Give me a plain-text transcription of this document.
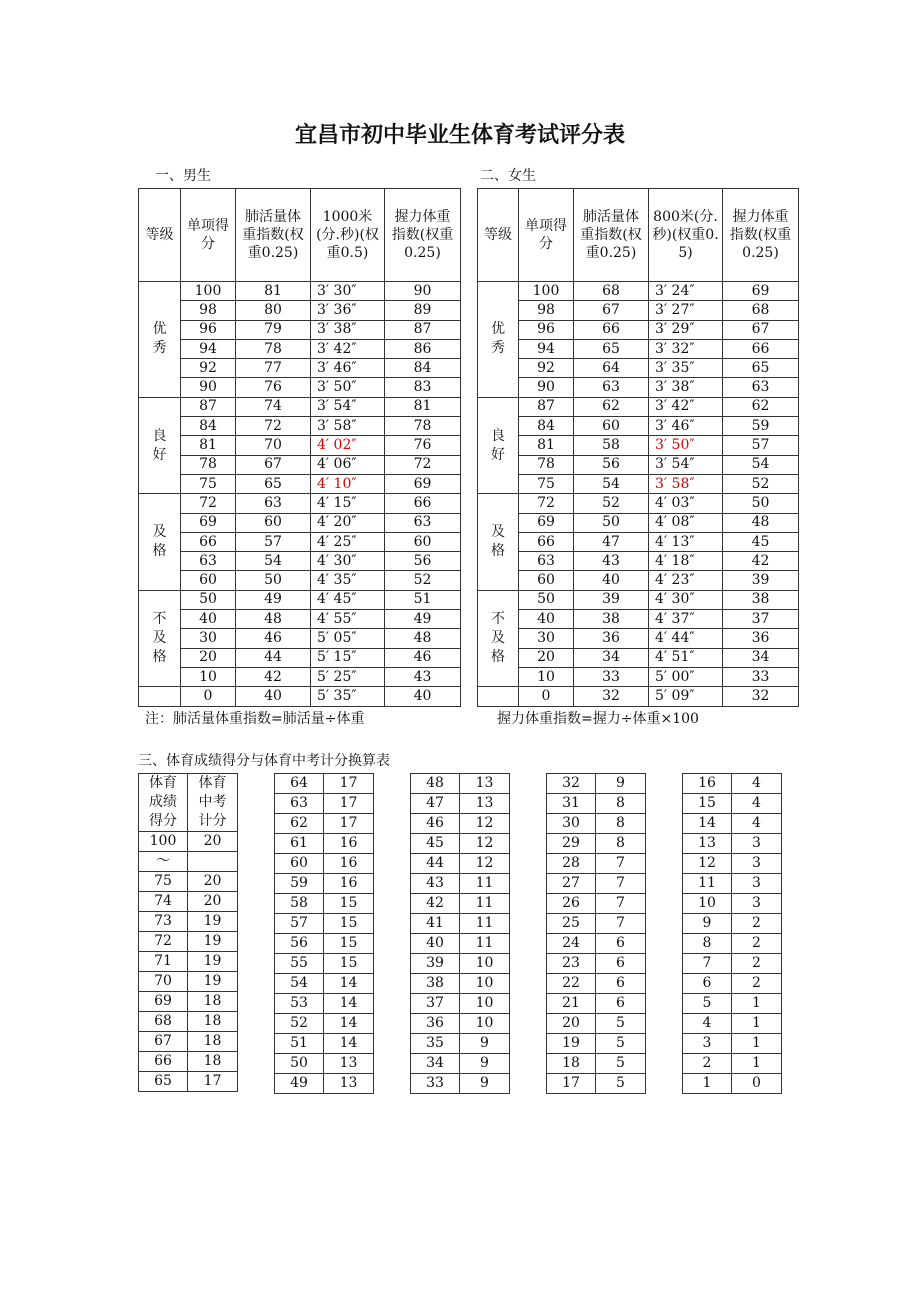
宜昌市初中毕业生体育考试评分表
一、男生
等级	单项得分	肺活量体重指数(权重0.25)	1000米(分.秒)(权重0.5)	握力体重指数(权重0.25)
优秀	100	81	3′ 30″	90
	98	80	3′ 36″	89
	96	79	3′ 38″	87
	94	78	3′ 42″	86
	92	77	3′ 46″	84
	90	76	3′ 50″	83
良好	87	74	3′ 54″	81
	84	72	3′ 58″	78
	81	70	4′ 02″	76
	78	67	4′ 06″	72
	75	65	4′ 10″	69
及格	72	63	4′ 15″	66
	69	60	4′ 20″	63
	66	57	4′ 25″	60
	63	54	4′ 30″	56
	60	50	4′ 35″	52
不及格	50	49	4′ 45″	51
	40	48	4′ 55″	49
	30	46	5′ 05″	48
	20	44	5′ 15″	46
	10	42	5′ 25″	43
	0	40	5′ 35″	40
注：肺活量体重指数=肺活量÷体重
二、女生
等级	单项得分	肺活量体重指数(权重0.25)	800米(分.秒)(权重0.5)	握力体重指数(权重0.25)
优秀	100	68	3′ 24″	69
	98	67	3′ 27″	68
	96	66	3′ 29″	67
	94	65	3′ 32″	66
	92	64	3′ 35″	65
	90	63	3′ 38″	63
良好	87	62	3′ 42″	62
	84	60	3′ 46″	59
	81	58	3′ 50″	57
	78	56	3′ 54″	54
	75	54	3′ 58″	52
及格	72	52	4′ 03″	50
	69	50	4′ 08″	48
	66	47	4′ 13″	45
	63	43	4′ 18″	42
	60	40	4′ 23″	39
不及格	50	39	4′ 30″	38
	40	38	4′ 37″	37
	30	36	4′ 44″	36
	20	34	4′ 51″	34
	10	33	5′ 00″	33
	0	32	5′ 09″	32
握力体重指数=握力÷体重×100
三、体育成绩得分与体育中考计分换算表
体育成绩得分	体育中考计分
100	20
～	
75	20
74	20
73	19
72	19
71	19
70	19
69	18
68	18
67	18
66	18
65	17
64	17
63	17
62	17
61	16
60	16
59	16
58	15
57	15
56	15
55	15
54	14
53	14
52	14
51	14
50	13
49	13
48	13
47	13
46	12
45	12
44	12
43	11
42	11
41	11
40	11
39	10
38	10
37	10
36	10
35	9
34	9
33	9
32	9
31	8
30	8
29	8
28	7
27	7
26	7
25	7
24	6
23	6
22	6
21	6
20	5
19	5
18	5
17	5
16	4
15	4
14	4
13	3
12	3
11	3
10	3
9	2
8	2
7	2
6	2
5	1
4	1
3	1
2	1
1	0
